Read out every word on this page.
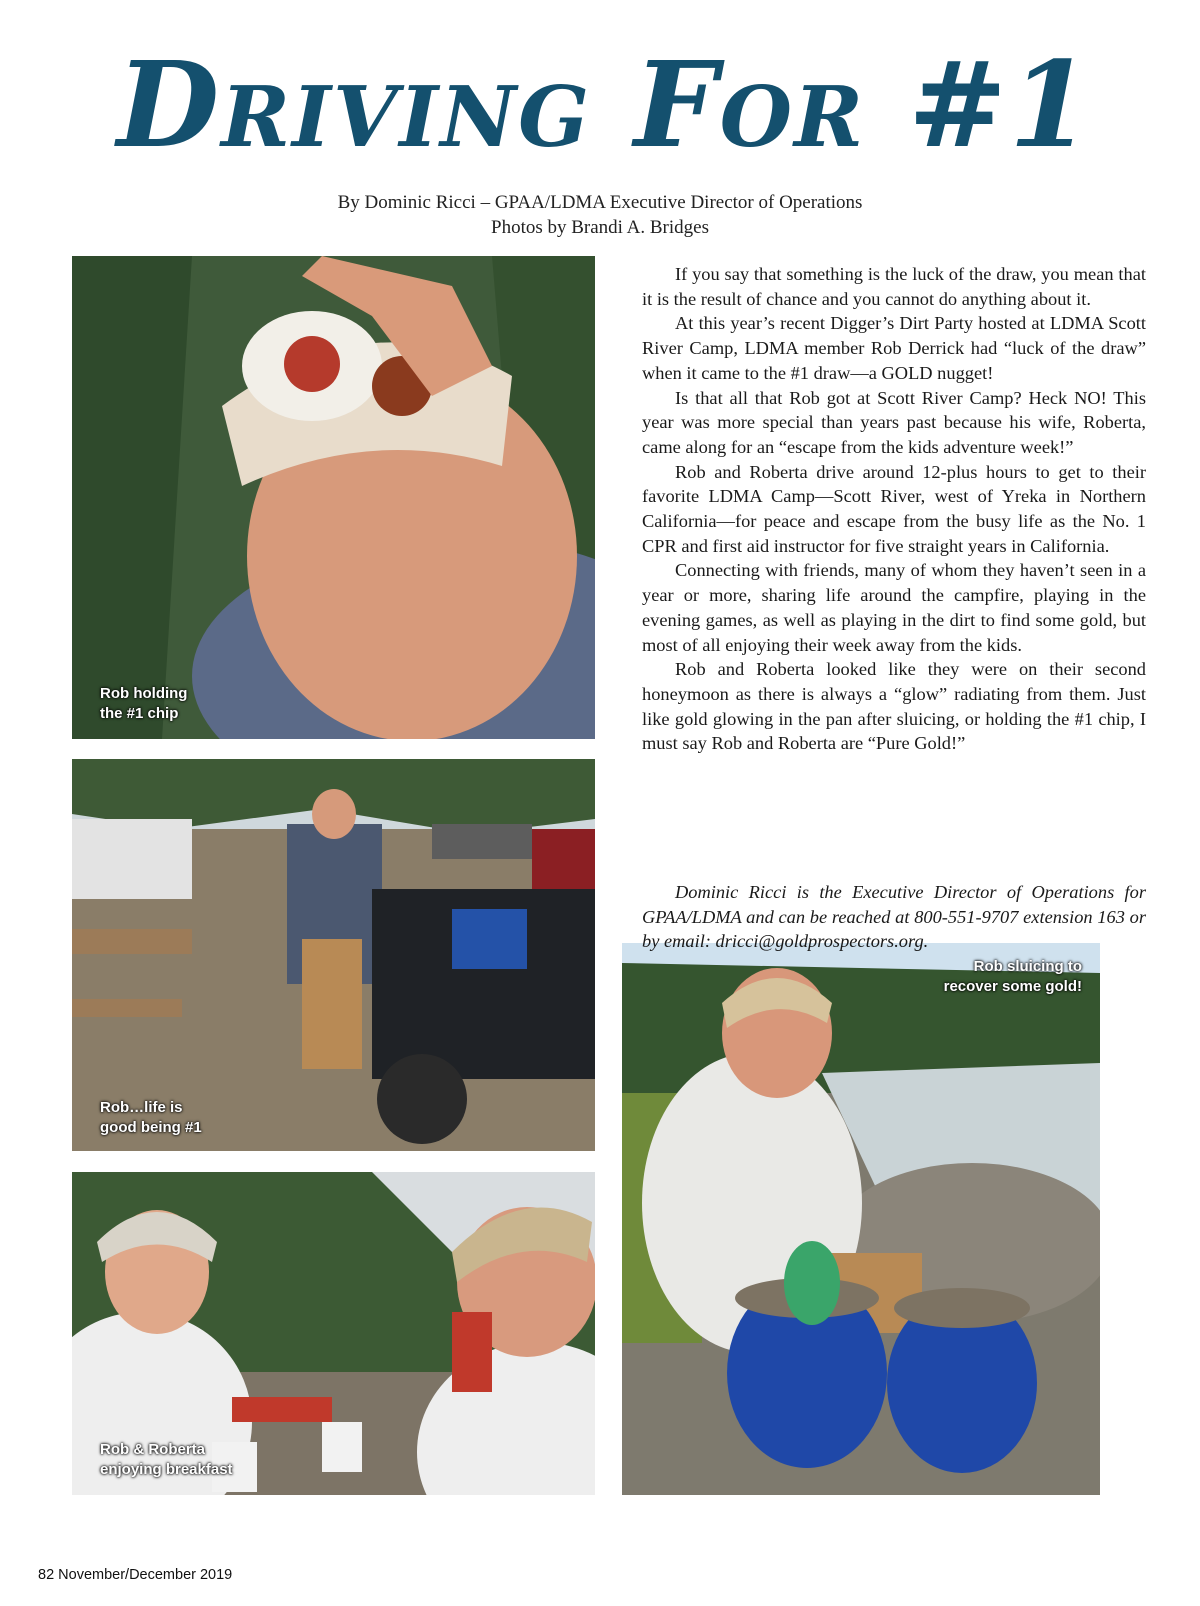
Driving For #1
By Dominic Ricci – GPAA/LDMA Executive Director of Operations
Photos by Brandi A. Bridges
Rob holding
the #1 chip
Rob…life is
good being #1
Rob & Roberta
enjoying breakfast
Rob sluicing to
recover some gold!

If you say that something is the luck of the draw, you mean that it is the result of chance and you cannot do anything about it.

At this year’s recent Digger’s Dirt Party hosted at LDMA Scott River Camp, LDMA member Rob Derrick had “luck of the draw” when it came to the #1 draw—a GOLD nugget!

Is that all that Rob got at Scott River Camp? Heck NO! This year was more special than years past because his wife, Roberta, came along for an “escape from the kids adventure week!”

Rob and Roberta drive around 12-plus hours to get to their favorite LDMA Camp—Scott River, west of Yreka in Northern California—for peace and escape from the busy life as the No. 1 CPR and first aid instructor for five straight years in California.

Connecting with friends, many of whom they haven’t seen in a year or more, sharing life around the campfire, playing in the evening games, as well as playing in the dirt to find some gold, but most of all enjoying their week away from the kids.

Rob and Roberta looked like they were on their second honeymoon as there is always a “glow” radiating from them. Just like gold glowing in the pan after sluicing, or holding the #1 chip, I must say Rob and Roberta are “Pure Gold!”

Dominic Ricci is the Executive Director of Operations for GPAA/LDMA and can be reached at 800-551-9707 extension 163 or by email: dricci@goldprospectors.org.

82 November/December 2019
